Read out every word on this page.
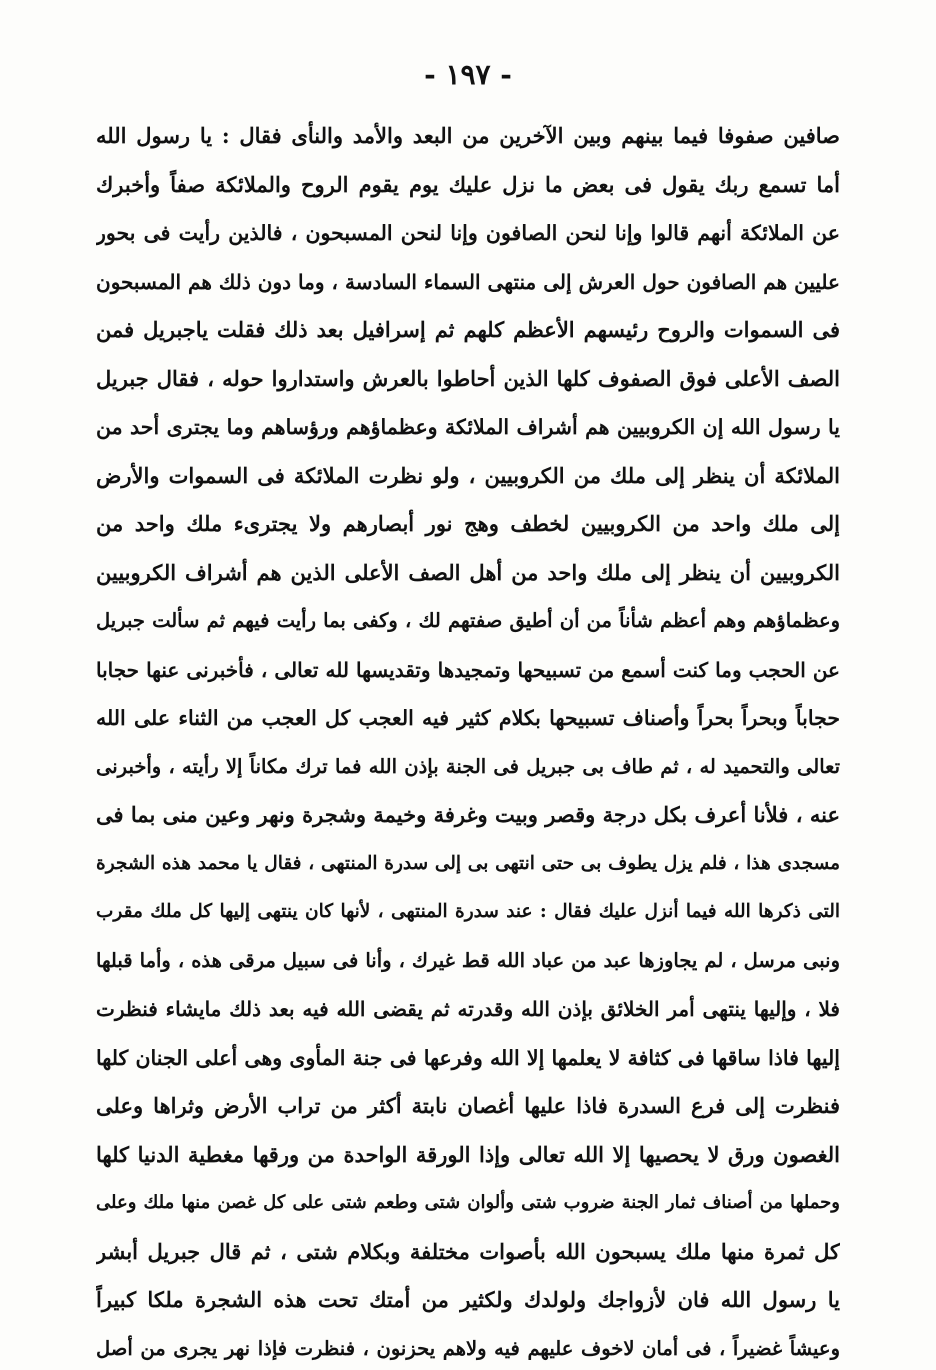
- ١٩٧ -
صافين صفوفا فيما بينهم وبين الآخرين من البعد والأمد والنأى فقال : يا رسول الله
أما تسمع ربك يقول فى بعض ما نزل عليك يوم يقوم الروح والملائكة صفاً وأخبرك
عن الملائكة أنهم قالوا وإنا لنحن الصافون وإنا لنحن المسبحون ، فالذين رأيت فى بحور
عليين هم الصافون حول العرش إلى منتهى السماء السادسة ، وما دون ذلك هم المسبحون
فى السموات والروح رئيسهم الأعظم كلهم ثم إسرافيل بعد ذلك فقلت ياجبريل فمن
الصف الأعلى فوق الصفوف كلها الذين أحاطوا بالعرش واستداروا حوله ، فقال جبريل
يا رسول الله إن الكروبيين هم أشراف الملائكة وعظماؤهم ورؤساهم وما يجترى أحد من
الملائكة أن ينظر إلى ملك من الكروبيين ، ولو نظرت الملائكة فى السموات والأرض
إلى ملك واحد من الكروبيين لخطف وهج نور أبصارهم ولا يجترىء ملك واحد من
الكروبيين أن ينظر إلى ملك واحد من أهل الصف الأعلى الذين هم أشراف الكروبيين
وعظماؤهم وهم أعظم شأناً من أن أطيق صفتهم لك ، وكفى بما رأيت فيهم ثم سألت جبريل
عن الحجب وما كنت أسمع من تسبيحها وتمجيدها وتقديسها لله تعالى ، فأخبرنى عنها حجابا
حجاباً وبحراً بحراً وأصناف تسبيحها بكلام كثير فيه العجب كل العجب من الثناء على الله
تعالى والتحميد له ، ثم طاف بى جبريل فى الجنة بإذن الله فما ترك مكاناً إلا رأيته ، وأخبرنى
عنه ، فلأنا أعرف بكل درجة وقصر وبيت وغرفة وخيمة وشجرة ونهر وعين منى بما فى
مسجدى هذا ، فلم يزل يطوف بى حتى انتهى بى إلى سدرة المنتهى ، فقال يا محمد هذه الشجرة
التى ذكرها الله فيما أنزل عليك فقال : عند سدرة المنتهى ، لأنها كان ينتهى إليها كل ملك مقرب
ونبى مرسل ، لم يجاوزها عبد من عباد الله قط غيرك ، وأنا فى سبيل مرقى هذه ، وأما قبلها
فلا ، وإليها ينتهى أمر الخلائق بإذن الله وقدرته ثم يقضى الله فيه بعد ذلك مايشاء فنظرت
إليها فاذا ساقها فى كثافة لا يعلمها إلا الله وفرعها فى جنة المأوى وهى أعلى الجنان كلها
فنظرت إلى فرع السدرة فاذا عليها أغصان نابتة أكثر من تراب الأرض وثراها وعلى
الغصون ورق لا يحصيها إلا الله تعالى وإذا الورقة الواحدة من ورقها مغطية الدنيا كلها
وحملها من أصناف ثمار الجنة ضروب شتى وألوان شتى وطعم شتى على كل غصن منها ملك وعلى
كل ثمرة منها ملك يسبحون الله بأصوات مختلفة وبكلام شتى ، ثم قال جبريل أبشر
يا رسول الله فان لأزواجك ولولدك ولكثير من أمتك تحت هذه الشجرة ملكا كبيراً
وعيشاً غضيراً ، فى أمان لاخوف عليهم فيه ولاهم يحزنون ، فنظرت فإذا نهر يجرى من أصل
